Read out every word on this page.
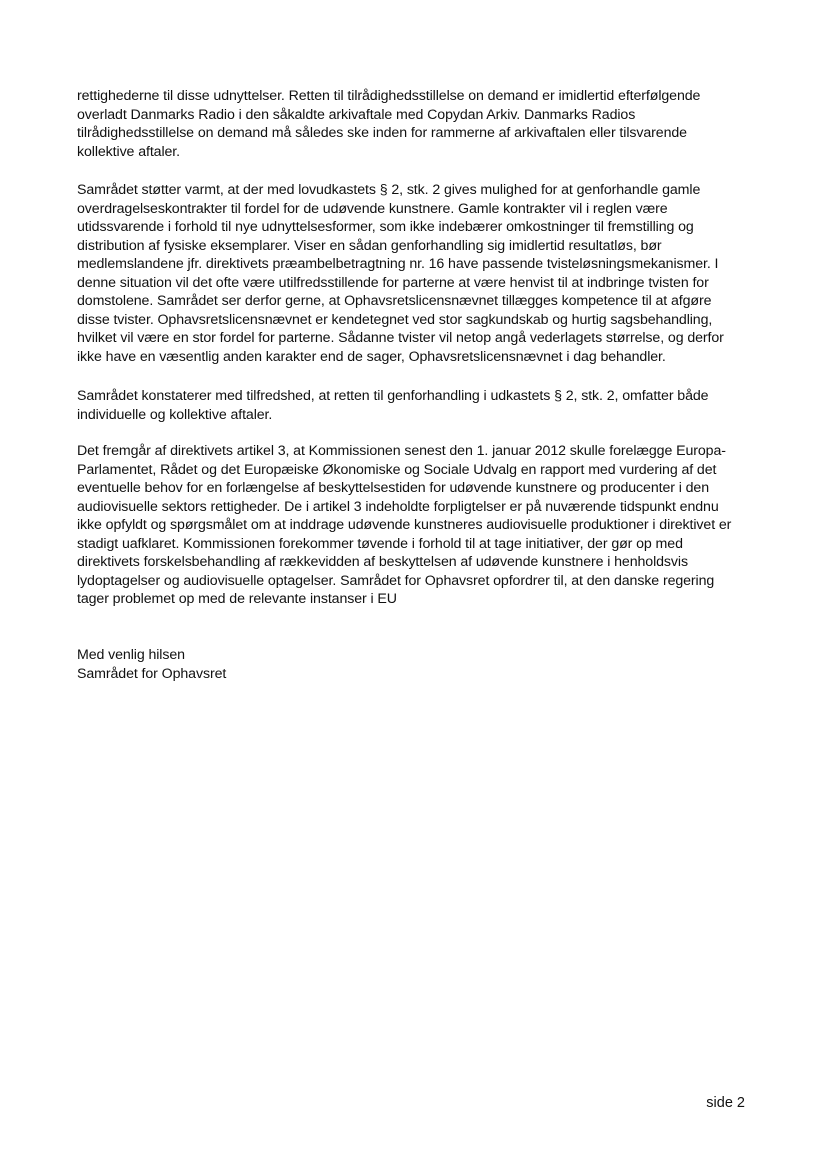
rettighederne til disse udnyttelser. Retten til tilrådighedsstillelse on demand er imidlertid efterfølgende
overladt Danmarks Radio i den såkaldte arkivaftale med Copydan Arkiv. Danmarks Radios
tilrådighedsstillelse on demand må således ske inden for rammerne af arkivaftalen eller tilsvarende
kollektive aftaler.

Samrådet støtter varmt, at der med lovudkastets § 2, stk. 2 gives mulighed for at genforhandle gamle
overdragelseskontrakter til fordel for de udøvende kunstnere. Gamle kontrakter vil i reglen være
utidssvarende i forhold til nye udnyttelsesformer, som ikke indebærer omkostninger til fremstilling og
distribution af fysiske eksemplarer. Viser en sådan genforhandling sig imidlertid resultatløs, bør
medlemslandene jfr. direktivets præambelbetragtning nr. 16 have passende tvisteløsningsmekanismer. I
denne situation vil det ofte være utilfredsstillende for parterne at være henvist til at indbringe tvisten for
domstolene. Samrådet ser derfor gerne, at Ophavsretslicensnævnet tillægges kompetence til at afgøre
disse tvister. Ophavsretslicensnævnet er kendetegnet ved stor sagkundskab og hurtig sagsbehandling,
hvilket vil være en stor fordel for parterne. Sådanne tvister vil netop angå vederlagets størrelse, og derfor
ikke have en væsentlig anden karakter end de sager, Ophavsretslicensnævnet i dag behandler.

Samrådet konstaterer med tilfredshed, at retten til genforhandling i udkastets § 2, stk. 2, omfatter både
individuelle og kollektive aftaler.

Det fremgår af direktivets artikel 3, at Kommissionen senest den 1. januar 2012 skulle forelægge Europa-
Parlamentet, Rådet og det Europæiske Økonomiske og Sociale Udvalg en rapport med vurdering af det
eventuelle behov for en forlængelse af beskyttelsestiden for udøvende kunstnere og producenter i den
audiovisuelle sektors rettigheder. De i artikel 3 indeholdte forpligtelser er på nuværende tidspunkt endnu
ikke opfyldt og spørgsmålet om at inddrage udøvende kunstneres audiovisuelle produktioner i direktivet er
stadigt uafklaret. Kommissionen forekommer tøvende i forhold til at tage initiativer, der gør op med
direktivets forskelsbehandling af rækkevidden af beskyttelsen af udøvende kunstnere i henholdsvis
lydoptagelser og audiovisuelle optagelser. Samrådet for Ophavsret opfordrer til, at den danske regering
tager problemet op med de relevante instanser i EU

Med venlig hilsen
Samrådet for Ophavsret

side 2
